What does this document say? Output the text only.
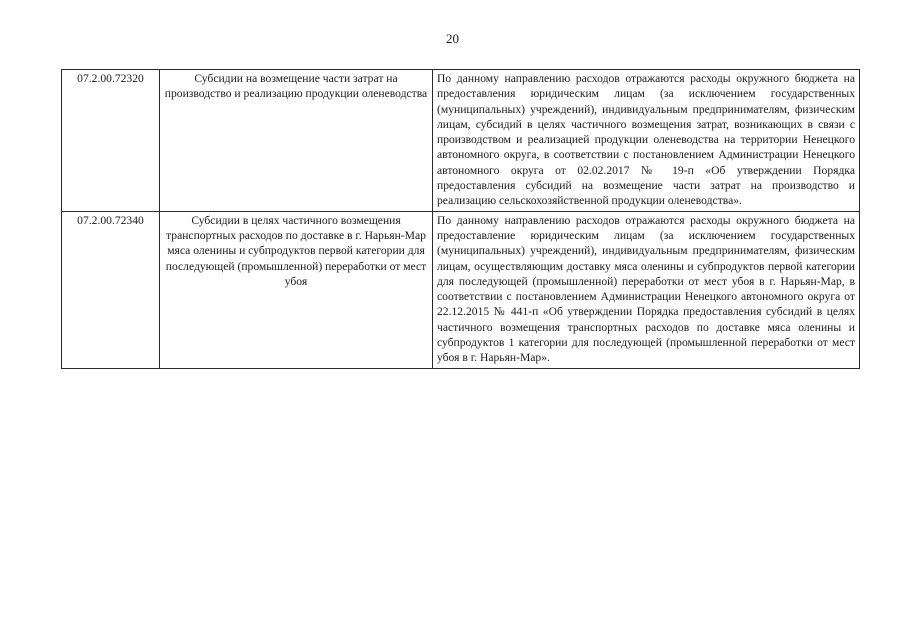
20
07.2.00.72320	Субсидии на возмещение части затрат на производство и реализацию продукции оленеводства	По данному направлению расходов отражаются расходы окружного бюджета на предоставления юридическим лицам (за исключением государственных (муниципальных) учреждений), индивидуальным предпринимателям, физическим лицам, субсидий в целях частичного возмещения затрат, возникающих в связи с производством и реализацией продукции оленеводства на территории Ненецкого автономного округа, в соответствии с постановлением Администрации Ненецкого автономного округа от 02.02.2017 № 19-п «Об утверждении Порядка предоставления субсидий на возмещение части затрат на производство и реализацию сельскохозяйственной продукции оленеводства».
07.2.00.72340	Субсидии в целях частичного возмещения транспортных расходов по доставке в г. Нарьян-Мар мяса оленины и субпродуктов первой категории для последующей (промышленной) переработки от мест убоя	По данному направлению расходов отражаются расходы окружного бюджета на предоставление юридическим лицам (за исключением государственных (муниципальных) учреждений), индивидуальным предпринимателям, физическим лицам, осуществляющим доставку мяса оленины и субпродуктов первой категории для последующей (промышленной) переработки от мест убоя в г. Нарьян-Мар, в соответствии с постановлением Администрации Ненецкого автономного округа от 22.12.2015 № 441-п «Об утверждении Порядка предоставления субсидий в целях частичного возмещения транспортных расходов по доставке мяса оленины и субпродуктов 1 категории для последующей (промышленной переработки от мест убоя в г. Нарьян-Мар».
